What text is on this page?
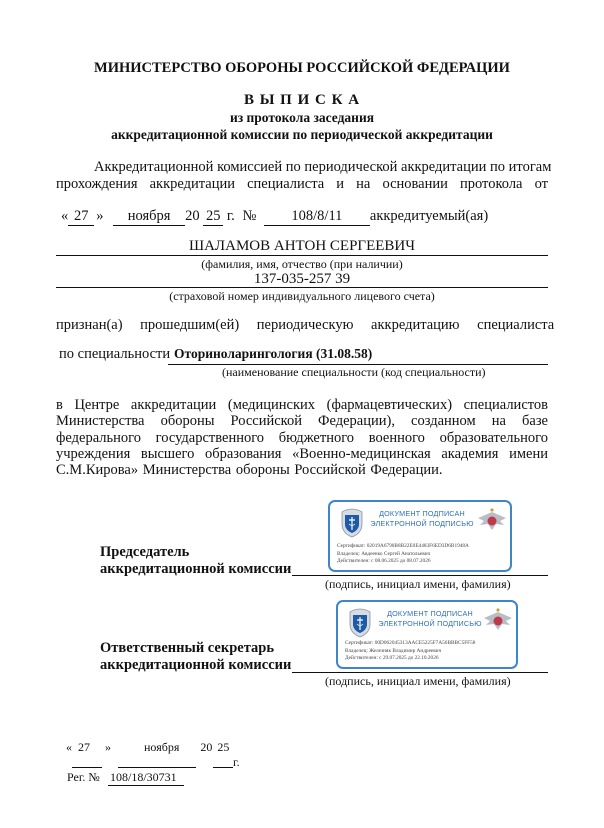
МИНИСТЕРСТВО ОБОРОНЫ РОССИЙСКОЙ ФЕДЕРАЦИИ
В Ы П И С К А
из протокола заседания
аккредитационной комиссии по периодической аккредитации
Аккредитационной комиссией по периодической аккредитации по итогам
прохождения аккредитации специалиста и на основании протокола от
« 27 » ноября 20 25 г. № 108/8/11 аккредитуемый(ая)
ШАЛАМОВ АНТОН СЕРГЕЕВИЧ
(фамилия, имя, отчество (при наличии)
137-035-257 39
(страховой номер индивидуального лицевого счета)
признан(а) прошедшим(ей) периодическую аккредитацию специалиста
по специальности Оториноларингология (31.08.58)
(наименование специальности (код специальности)
в Центре аккредитации (медицинских (фармацевтических) специалистов Министерства обороны Российской Федерации), созданном на базе федерального государственного бюджетного военного образовательного учреждения высшего образования «Военно-медицинская академия имени С.М.Кирова» Министерства обороны Российской Федерации.
Председатель
аккредитационной комиссии
(подпись, инициал имени, фамилия)
ДОКУМЕНТ ПОДПИСАН
ЭЛЕКТРОННОЙ ПОДПИСЬЮ
Сертификат: 02019A6790B8B22E0E4483F6ED3D6B1948A
Владелец: Авдеенко Сергей Анатольевич
Действителен: с 08.06.2025 до 08.07.2026
Ответственный секретарь
аккредитационной комиссии
(подпись, инициал имени, фамилия)
ДОКУМЕНТ ПОДПИСАН
ЭЛЕКТРОННОЙ ПОДПИСЬЮ
Сертификат: 00D062045313AACE5225F7A56BBBC5FF58
Владелец: Железняк Владимир Андреевич
Действителен: с 29.07.2025 до 22.10.2026
« 27 »	ноября 20 25
г.
Рег. № 108/18/30731
